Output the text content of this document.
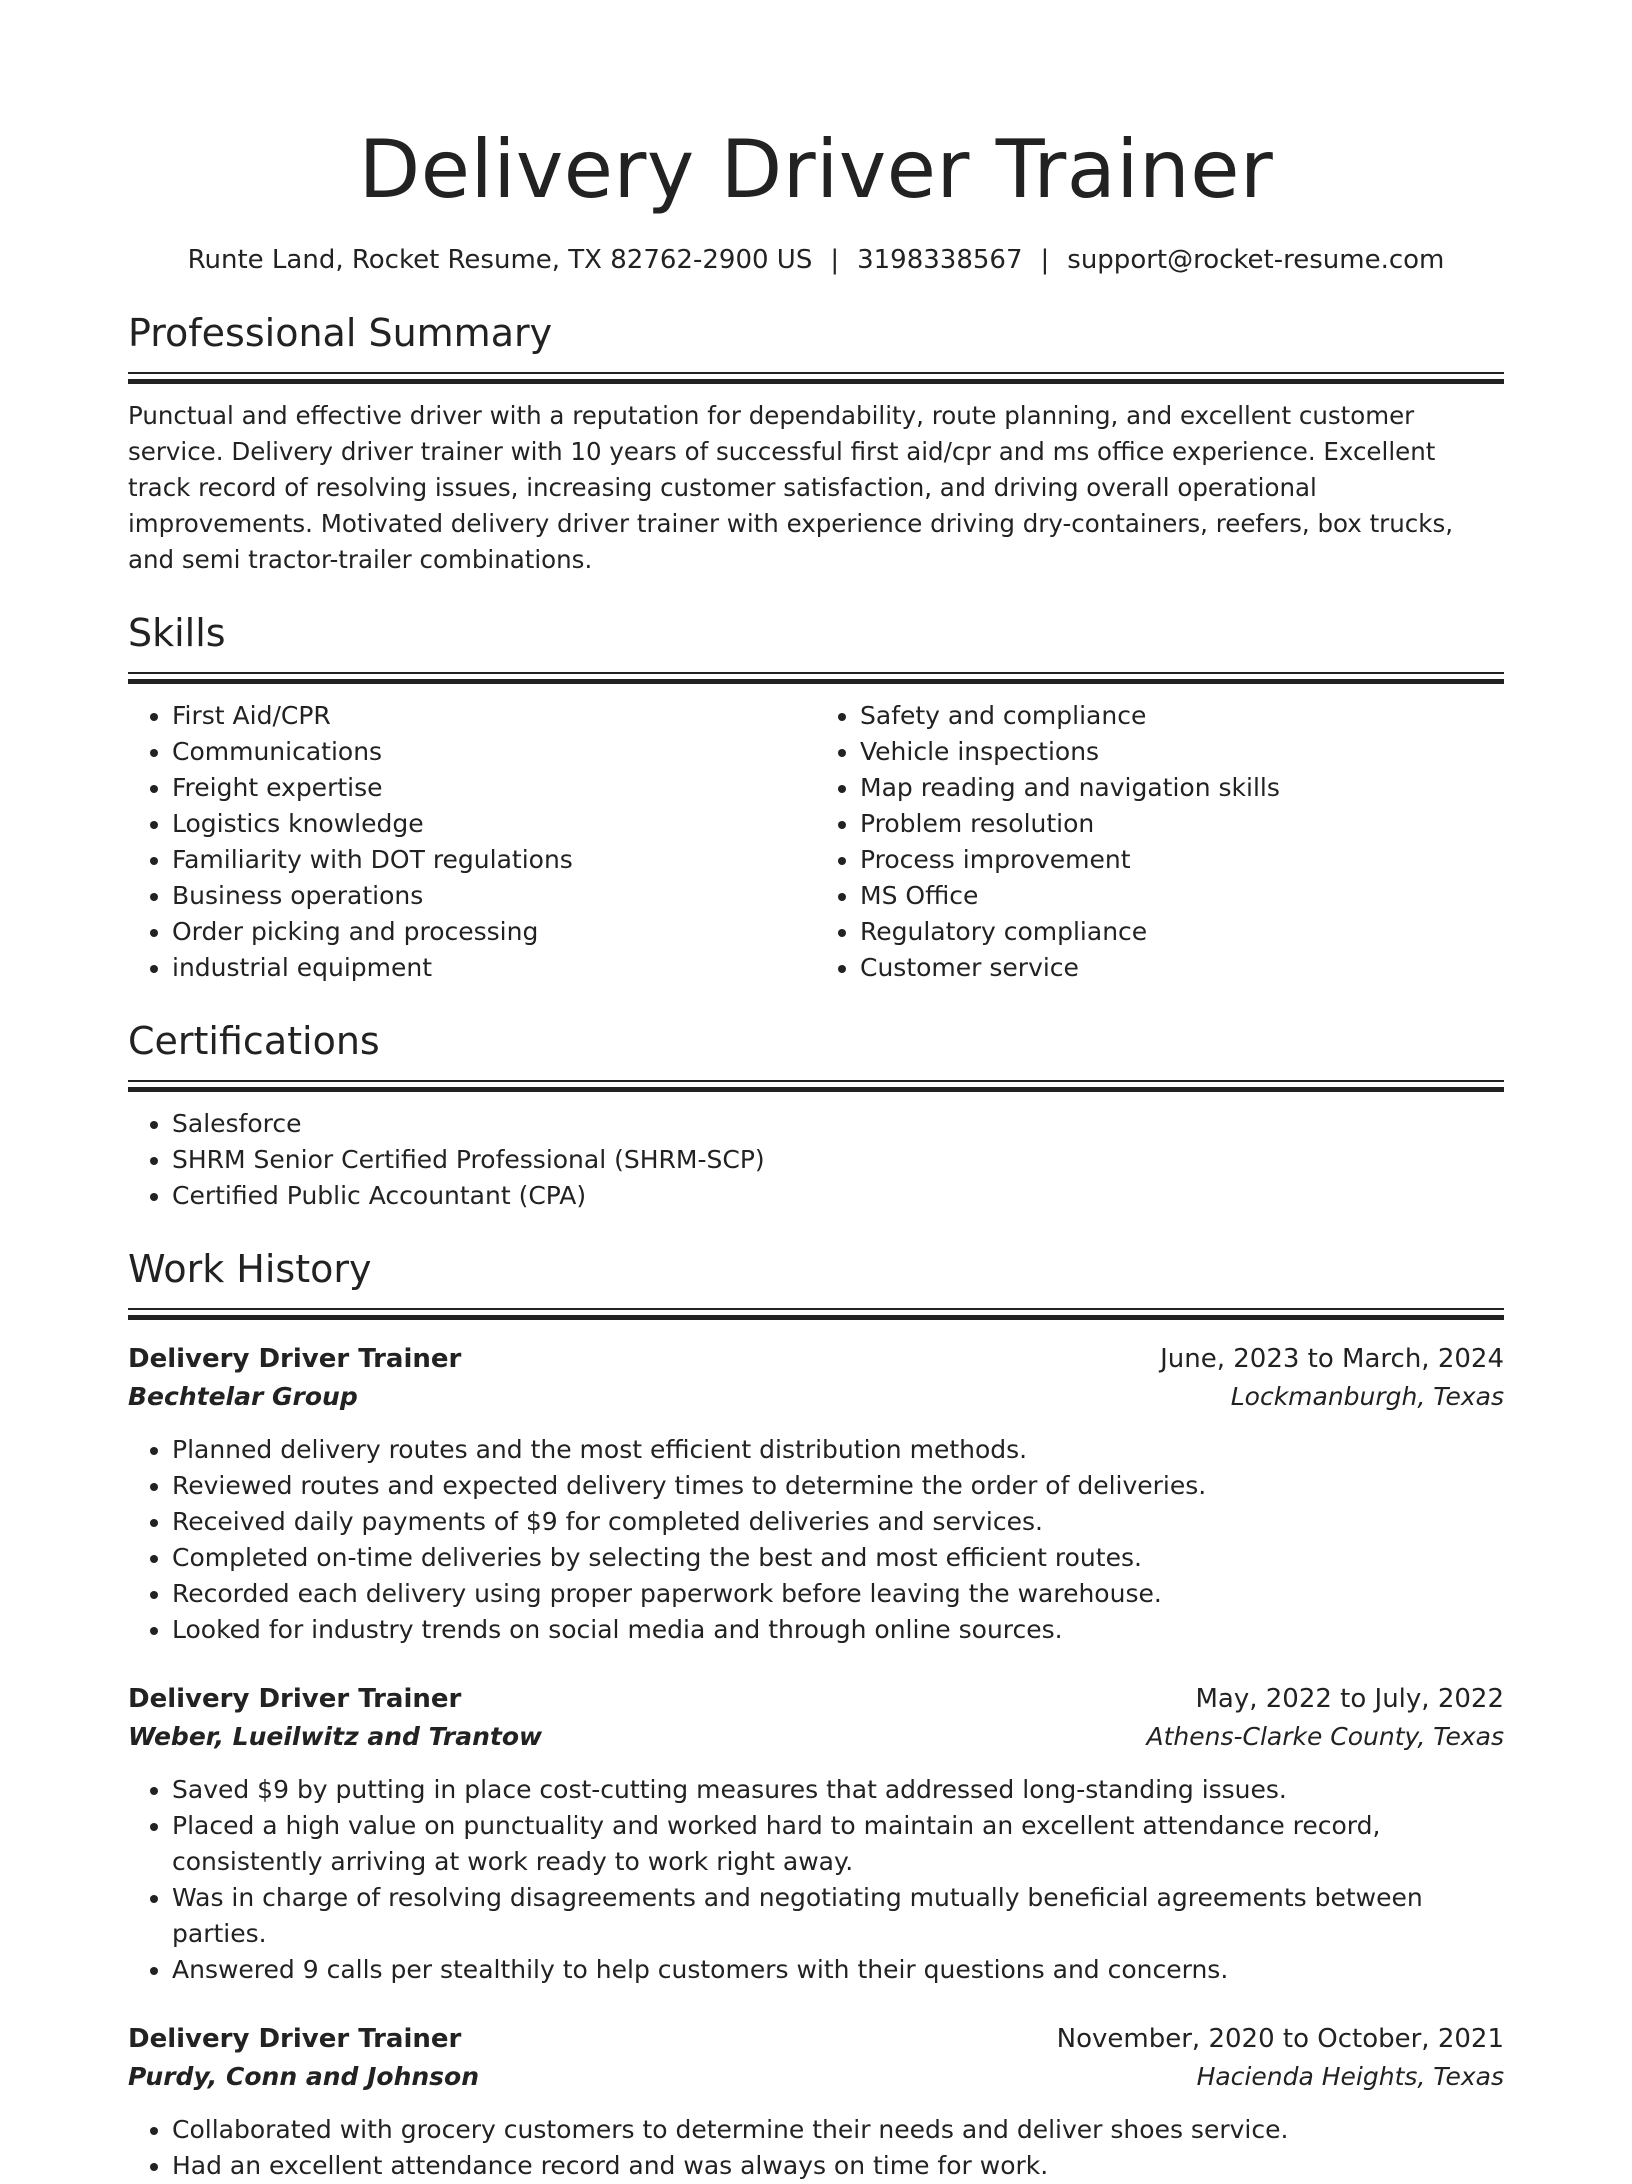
Delivery Driver Trainer
Runte Land, Rocket Resume, TX 82762-2900 US | 3198338567 | support@rocket-resume.com
Professional Summary
Punctual and effective driver with a reputation for dependability, route planning, and excellent customer service. Delivery driver trainer with 10 years of successful first aid/cpr and ms office experience. Excellent track record of resolving issues, increasing customer satisfaction, and driving overall operational improvements. Motivated delivery driver trainer with experience driving dry-containers, reefers, box trucks, and semi tractor-trailer combinations.
Skills
• First Aid/CPR
• Communications
• Freight expertise
• Logistics knowledge
• Familiarity with DOT regulations
• Business operations
• Order picking and processing
• industrial equipment
• Safety and compliance
• Vehicle inspections
• Map reading and navigation skills
• Problem resolution
• Process improvement
• MS Office
• Regulatory compliance
• Customer service
Certifications
• Salesforce
• SHRM Senior Certified Professional (SHRM-SCP)
• Certified Public Accountant (CPA)
Work History
Delivery Driver Trainer	June, 2023 to March, 2024
Bechtelar Group	Lockmanburgh, Texas
• Planned delivery routes and the most efficient distribution methods.
• Reviewed routes and expected delivery times to determine the order of deliveries.
• Received daily payments of $9 for completed deliveries and services.
• Completed on-time deliveries by selecting the best and most efficient routes.
• Recorded each delivery using proper paperwork before leaving the warehouse.
• Looked for industry trends on social media and through online sources.
Delivery Driver Trainer	May, 2022 to July, 2022
Weber, Lueilwitz and Trantow	Athens-Clarke County, Texas
• Saved $9 by putting in place cost-cutting measures that addressed long-standing issues.
• Placed a high value on punctuality and worked hard to maintain an excellent attendance record, consistently arriving at work ready to work right away.
• Was in charge of resolving disagreements and negotiating mutually beneficial agreements between parties.
• Answered 9 calls per stealthily to help customers with their questions and concerns.
Delivery Driver Trainer	November, 2020 to October, 2021
Purdy, Conn and Johnson	Hacienda Heights, Texas
• Collaborated with grocery customers to determine their needs and deliver shoes service.
• Had an excellent attendance record and was always on time for work.
